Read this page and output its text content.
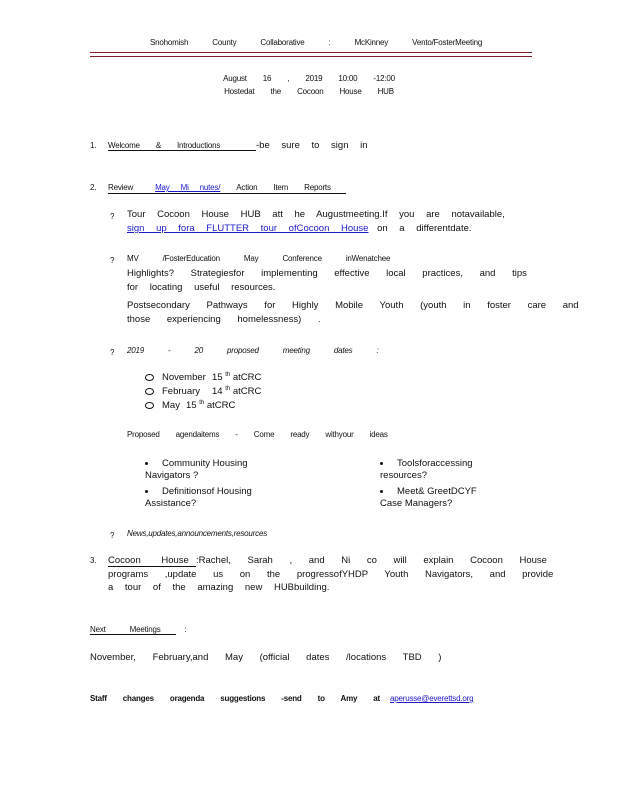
Snohomish County Collaborative : McKinney Vento/FosterMeeting
August 16 , 2019 10:00 -12:00
Hostedat the Cocoon House HUB
1. Welcome & Introductions	-be sure to sign in
2. Review	May Mi nutes/ Action Item Reports
? Tour Cocoon House HUB att he Augustmeeting.If you are notavailable,
sign up fora FLUTTER tour ofCocoon House on a differentdate.
? MV /FosterEducation May Conference inWenatchee
Highlights? Strategiesfor implementing effective local practices, and tips
for locating useful resources.
Postsecondary Pathways for Highly Mobile Youth (youth in foster care and
those experiencing homelessness) .
? 2019 - 20 proposed meeting dates :
November 15 $^{th}$ atCRC
February 14 $^{th}$ atCRC
May 15 $^{th}$ atCRC
Proposed agendaitems - Come ready withyour ideas
Community Housing Navigators ?
Definitionsof Housing Assistance?
Toolsforaccessing resources?
Meet& GreetDCYF Case Managers?
? News,updates,announcements,resources
3. Cocoon House :Rachel, Sarah , and Ni co will explain Cocoon House
programs ,update us on the progressofYHDP Youth Navigators, and provide
a tour of the amazing new HUBbuilding.
Next Meetings :
November, February,and May (official dates /locations TBD )
Staff changes oragenda suggestions -send to Amy at aperusse@everettsd.org
